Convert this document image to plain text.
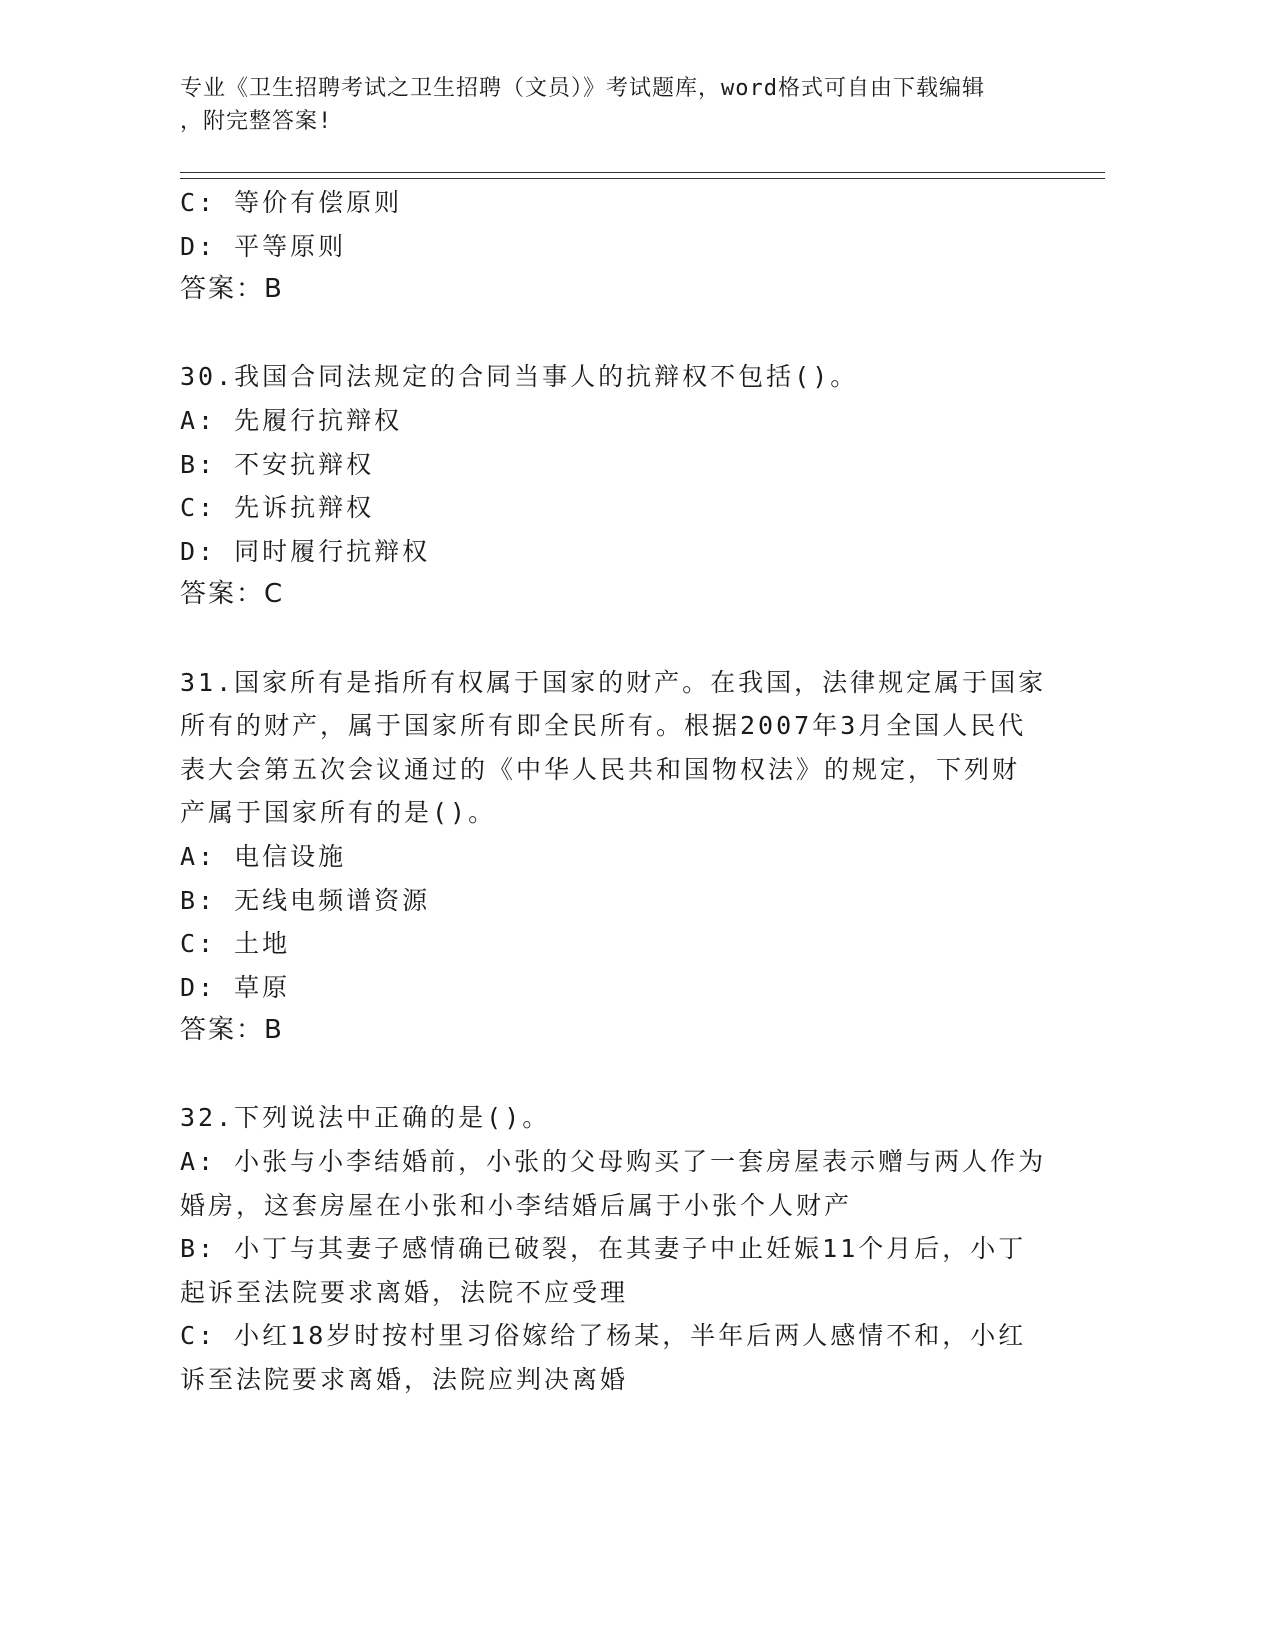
专业《卫生招聘考试之卫生招聘（文员）》考试题库，word格式可自由下载编辑
，附完整答案!
C: 等价有偿原则
D: 平等原则
答案：B
30.我国合同法规定的合同当事人的抗辩权不包括()。
A: 先履行抗辩权
B: 不安抗辩权
C: 先诉抗辩权
D: 同时履行抗辩权
答案：C
31.国家所有是指所有权属于国家的财产。在我国，法律规定属于国家
所有的财产，属于国家所有即全民所有。根据2007年3月全国人民代
表大会第五次会议通过的《中华人民共和国物权法》的规定，下列财
产属于国家所有的是()。
A: 电信设施
B: 无线电频谱资源
C: 土地
D: 草原
答案：B
32.下列说法中正确的是()。
A: 小张与小李结婚前，小张的父母购买了一套房屋表示赠与两人作为
婚房，这套房屋在小张和小李结婚后属于小张个人财产
B: 小丁与其妻子感情确已破裂，在其妻子中止妊娠11个月后，小丁
起诉至法院要求离婚，法院不应受理
C: 小红18岁时按村里习俗嫁给了杨某，半年后两人感情不和，小红
诉至法院要求离婚，法院应判决离婚
